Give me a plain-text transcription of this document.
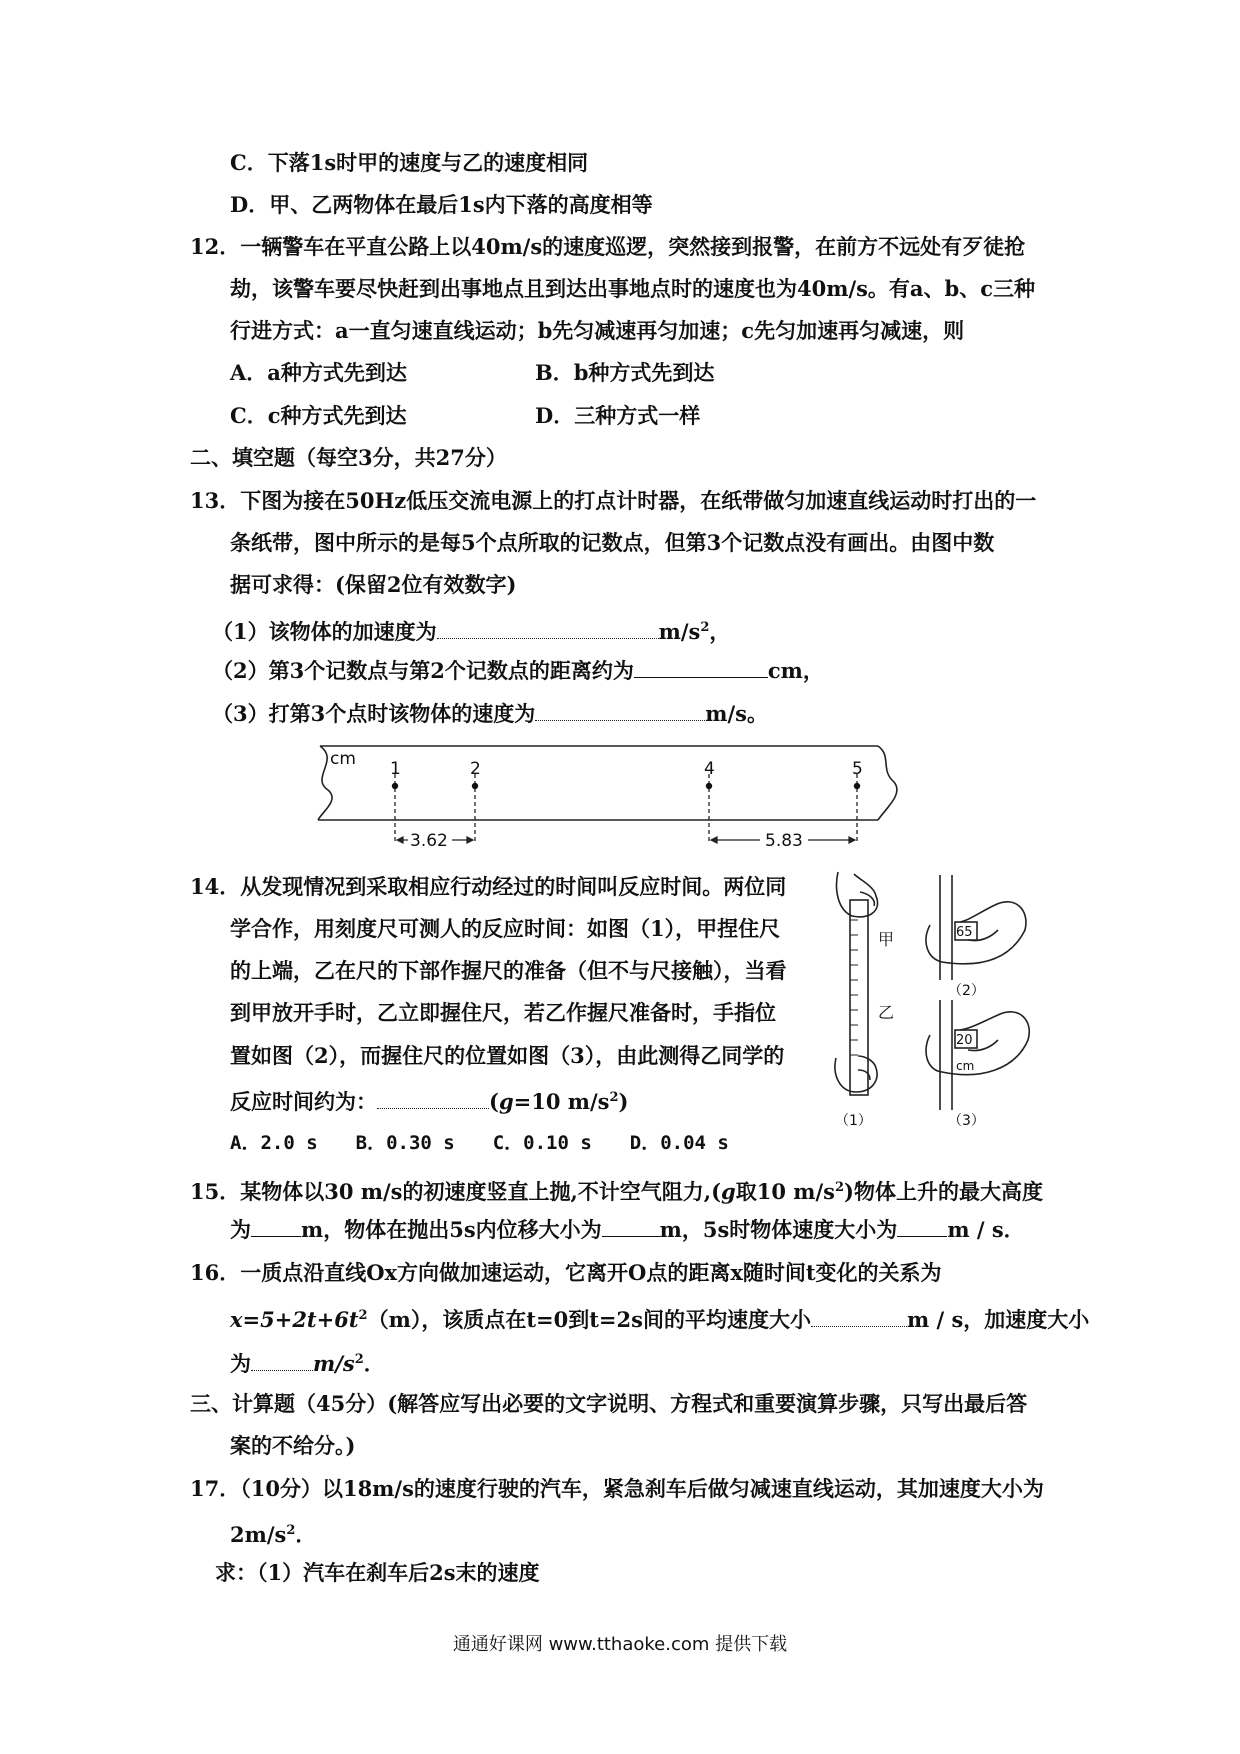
C．下落1s时甲的速度与乙的速度相同
D．甲、乙两物体在最后1s内下落的高度相等
12．一辆警车在平直公路上以40m/s的速度巡逻，突然接到报警，在前方不远处有歹徒抢
劫，该警车要尽快赶到出事地点且到达出事地点时的速度也为40m/s。有a、b、c三种
行进方式：a一直匀速直线运动；b先匀减速再匀加速；c先匀加速再匀减速，则
A．a种方式先到达	B．b种方式先到达
C．c种方式先到达	D．三种方式一样
二、填空题（每空3分，共27分）
13．下图为接在50Hz低压交流电源上的打点计时器，在纸带做匀加速直线运动时打出的一
条纸带，图中所示的是每5个点所取的记数点，但第3个记数点没有画出。由图中数
据可求得：(保留2位有效数字)
（1）该物体的加速度为	$m/s^2$，
（2）第3个记数点与第2个记数点的距离约为	cm，
（3）打第3个点时该物体的速度为	m/s。
cm 1	2	4	5
3.62	5.83
14．从发现情况到采取相应行动经过的时间叫反应时间。两位同
学合作，用刻度尺可测人的反应时间：如图（1），甲捏住尺
的上端，乙在尺的下部作握尺的准备（但不与尺接触），当看
到甲放开手时，乙立即握住尺，若乙作握尺准备时，手指位
置如图（2），而握住尺的位置如图（3），由此测得乙同学的
反应时间约为：	(g=10 $m/s^2$)
A．2.0 s　　B．0.30 s　　C．0.10 s　　D．0.04 s
甲
乙
65
20
cm
（1）
（2）
（3）
15．某物体以30 m/s的初速度竖直上抛,不计空气阻力,(g取10 $m/s^2$)物体上升的最大高度
为 m，物体在抛出5s内位移大小为	m，5s时物体速度大小为 m / s．
16．一质点沿直线Ox方向做加速运动，它离开O点的距离x随时间t变化的关系为
$x=5+2t+6t^2(m)$，该质点在t=0到t=2s间的平均速度大小	m / s，加速度大小
为	$m/s^2$．
三、计算题（45分）(解答应写出必要的文字说明、方程式和重要演算步骤，只写出最后答
案的不给分。)
17．（10分）以18m/s的速度行驶的汽车，紧急刹车后做匀减速直线运动，其加速度大小为
$2m/s^2$．
求：（1）汽车在刹车后2s末的速度
通通好课网 www.tthaoke.com 提供下载
